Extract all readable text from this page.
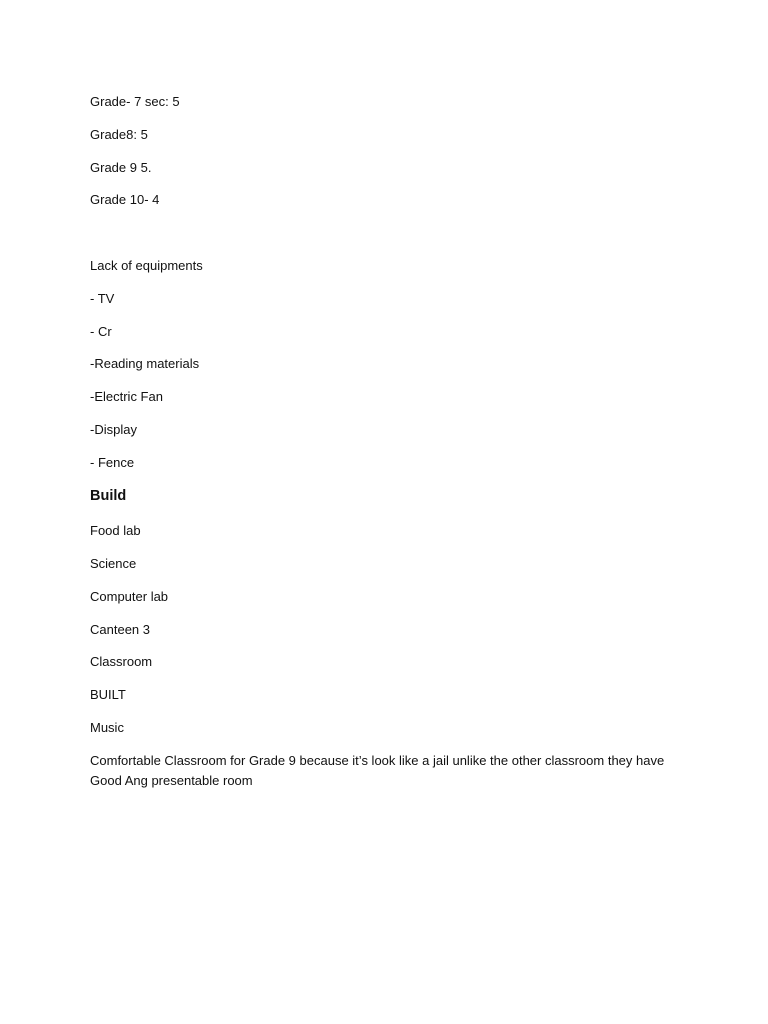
Grade- 7 sec: 5
Grade8: 5
Grade 9 5.
Grade 10- 4
Lack of equipments
- TV
- Cr
-Reading materials
-Electric Fan
-Display
- Fence
Build
Food lab
Science
Computer lab
Canteen 3
Classroom
BUILT
Music
Comfortable Classroom for Grade 9 because it’s look like a jail unlike the other classroom they have Good Ang presentable room
